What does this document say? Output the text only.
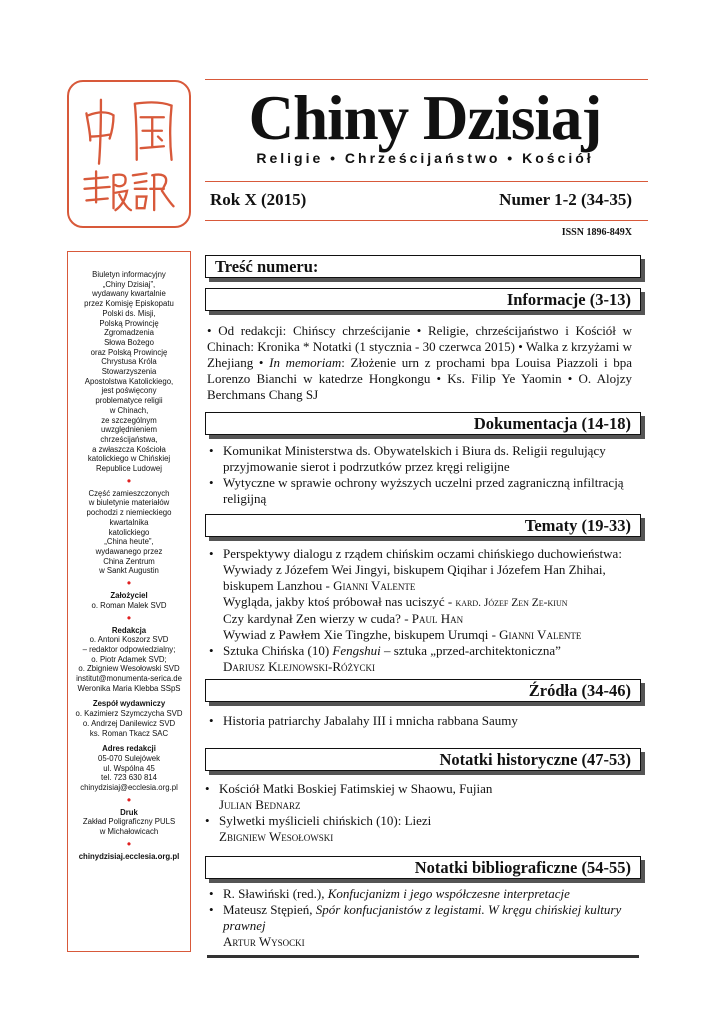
Chiny Dzisiaj
Religie • Chrześcijaństwo • Kościół
Rok X (2015)	Numer 1-2 (34-35)
ISSN 1896-849X

Biuletyn informacyjny

„Chiny Dzisiaj”,

wydawany kwartalnie

przez Komisję Episkopatu

Polski ds. Misji,

Polską Prowincję

Zgromadzenia

Słowa Bożego

oraz Polską Prowincję

Chrystusa Króla

Stowarzyszenia

Apostolstwa Katolickiego,

jest poświęcony

problematyce religii

w Chinach,

ze szczególnym

uwzględnieniem

chrześcijaństwa,

a zwłaszcza Kościoła

katolickiego w Chińskiej

Republice Ludowej

•

Część zamieszczonych

w biuletynie materiałów

pochodzi z niemieckiego

kwartalnika

katolickiego

„China heute”,

wydawanego przez

China Zentrum

w Sankt Augustin

•

Założyciel

o. Roman Malek SVD

•

Redakcja

o. Antoni Koszorz SVD

– redaktor odpowiedzialny;

o. Piotr Adamek SVD;

o. Zbigniew Wesołowski SVD

institut@monumenta-serica.de

Weronika Maria Klebba SSpS

Zespół wydawniczy

o. Kazimierz Szymczycha SVD

o. Andrzej Danilewicz SVD

ks. Roman Tkacz SAC

Adres redakcji

05-070 Sulejówek

ul. Wspólna 45

tel. 723 630 814

chinydzisiaj@ecclesia.org.pl

•

Druk

Zakład Poligraficzny PULS

w Michałowicach

•

chinydzisiaj.ecclesia.org.pl

Treść numeru:
Informacje (3-13)
• Od redakcji: Chińscy chrześcijanie • Religie, chrześcijaństwo i Kościół w Chinach: Kronika * Notatki (1 stycznia - 30 czerwca 2015) • Walka z krzyżami w Zhejiang • In memoriam: Złożenie urn z prochami bpa Louisa Piazzoli i bpa Lorenzo Bianchi w katedrze Hongkongu • Ks. Filip Ye Yaomin • O. Alojzy Berchmans Chang SJ
Dokumentacja (14-18)
• Komunikat Ministerstwa ds. Obywatelskich i Biura ds. Religii regulujący przyjmowanie sierot i podrzutków przez kręgi religijne
• Wytyczne w sprawie ochrony wyższych uczelni przed zagraniczną infiltracją religijną
Tematy (19-33)
• Perspektywy dialogu z rządem chińskim oczami chińskiego duchowieństwa: Wywiady z Józefem Wei Jingyi, biskupem Qiqihar i Józefem Han Zhihai, biskupem Lanzhou - Gianni Valente
Wygląda, jakby ktoś próbował nas uciszyć - kard. Józef Zen Ze-kiun
Czy kardynał Zen wierzy w cuda? - Paul Han
Wywiad z Pawłem Xie Tingzhe, biskupem Urumqi - Gianni Valente
• Sztuka Chińska (10) Fengshui – sztuka „przed-architektoniczna”
Dariusz Klejnowski-Różycki
Źródła (34-46)
• Historia patriarchy Jabalahy III i mnicha rabbana Saumy
Notatki historyczne (47-53)
• Kościół Matki Boskiej Fatimskiej w Shaowu, Fujian
Julian Bednarz
• Sylwetki myślicieli chińskich (10): Liezi
Zbigniew Wesołowski
Notatki bibliograficzne (54-55)
• R. Sławiński (red.), Konfucjanizm i jego współczesne interpretacje
• Mateusz Stępień, Spór konfucjanistów z legistami. W kręgu chińskiej kultury prawnej
Artur Wysocki
